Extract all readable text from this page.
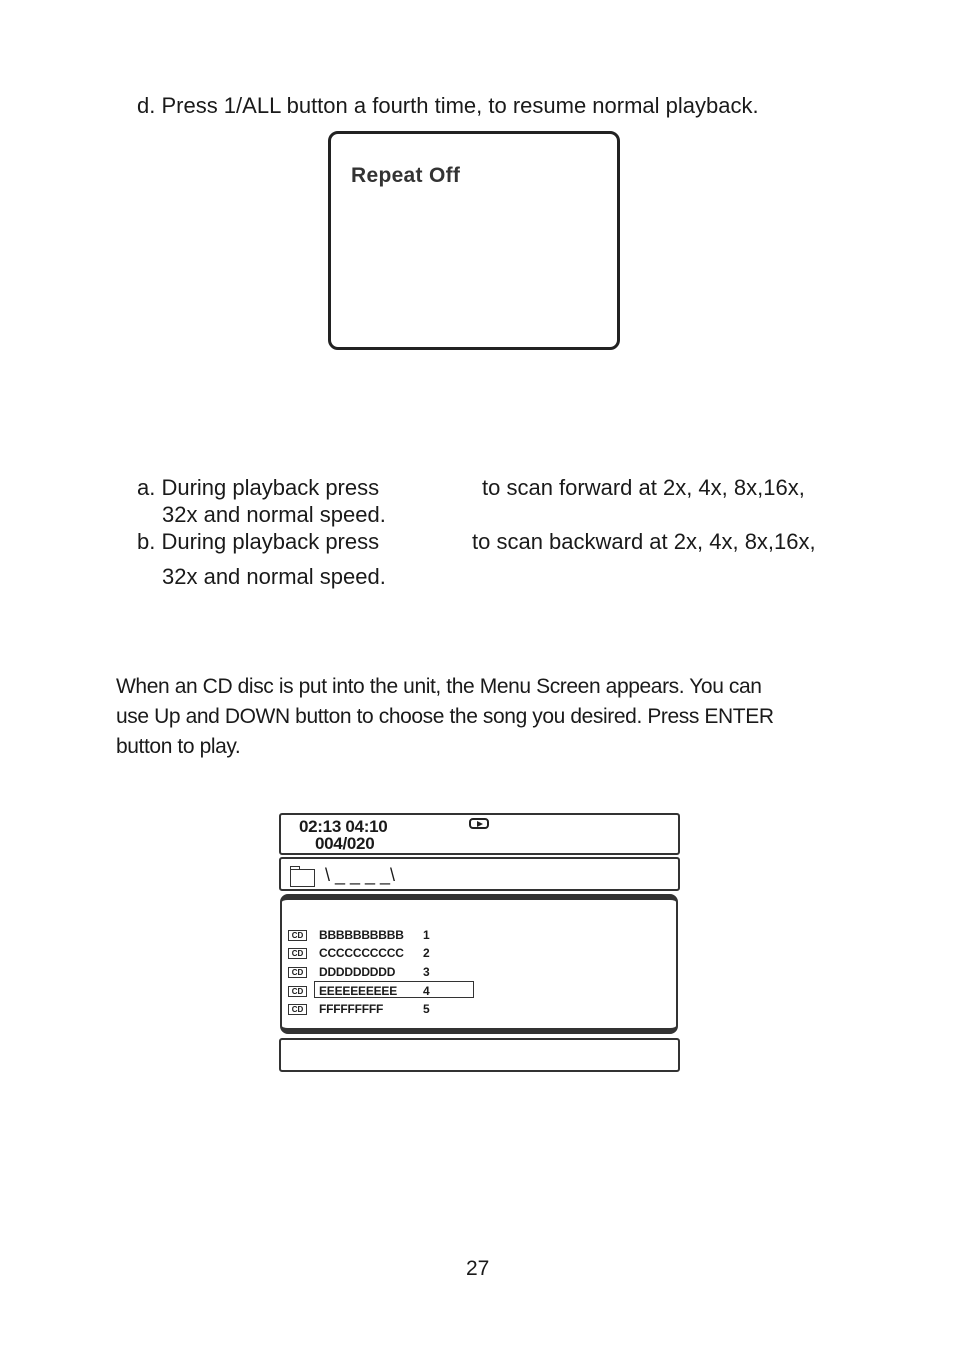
d. Press 1/ALL button a fourth time, to resume normal playback.
Repeat Off
a. During playback press	to scan forward at 2x, 4x, 8x,16x,
32x and normal speed.
b. During playback press	to scan backward at 2x, 4x, 8x,16x,
32x and normal speed.
When an CD disc is put into the unit, the Menu Screen appears. You can
use Up and DOWN button to choose the song you desired. Press ENTER
button to play.
02:13 04:10
004/020
\ _ _ _ _\
CD	BBBBBBBBBB 1
CD	CCCCCCCCCC 2
CD	DDDDDDDDD 3
CD	EEEEEEEEEE 4
CD	FFFFFFFFF	5
27
